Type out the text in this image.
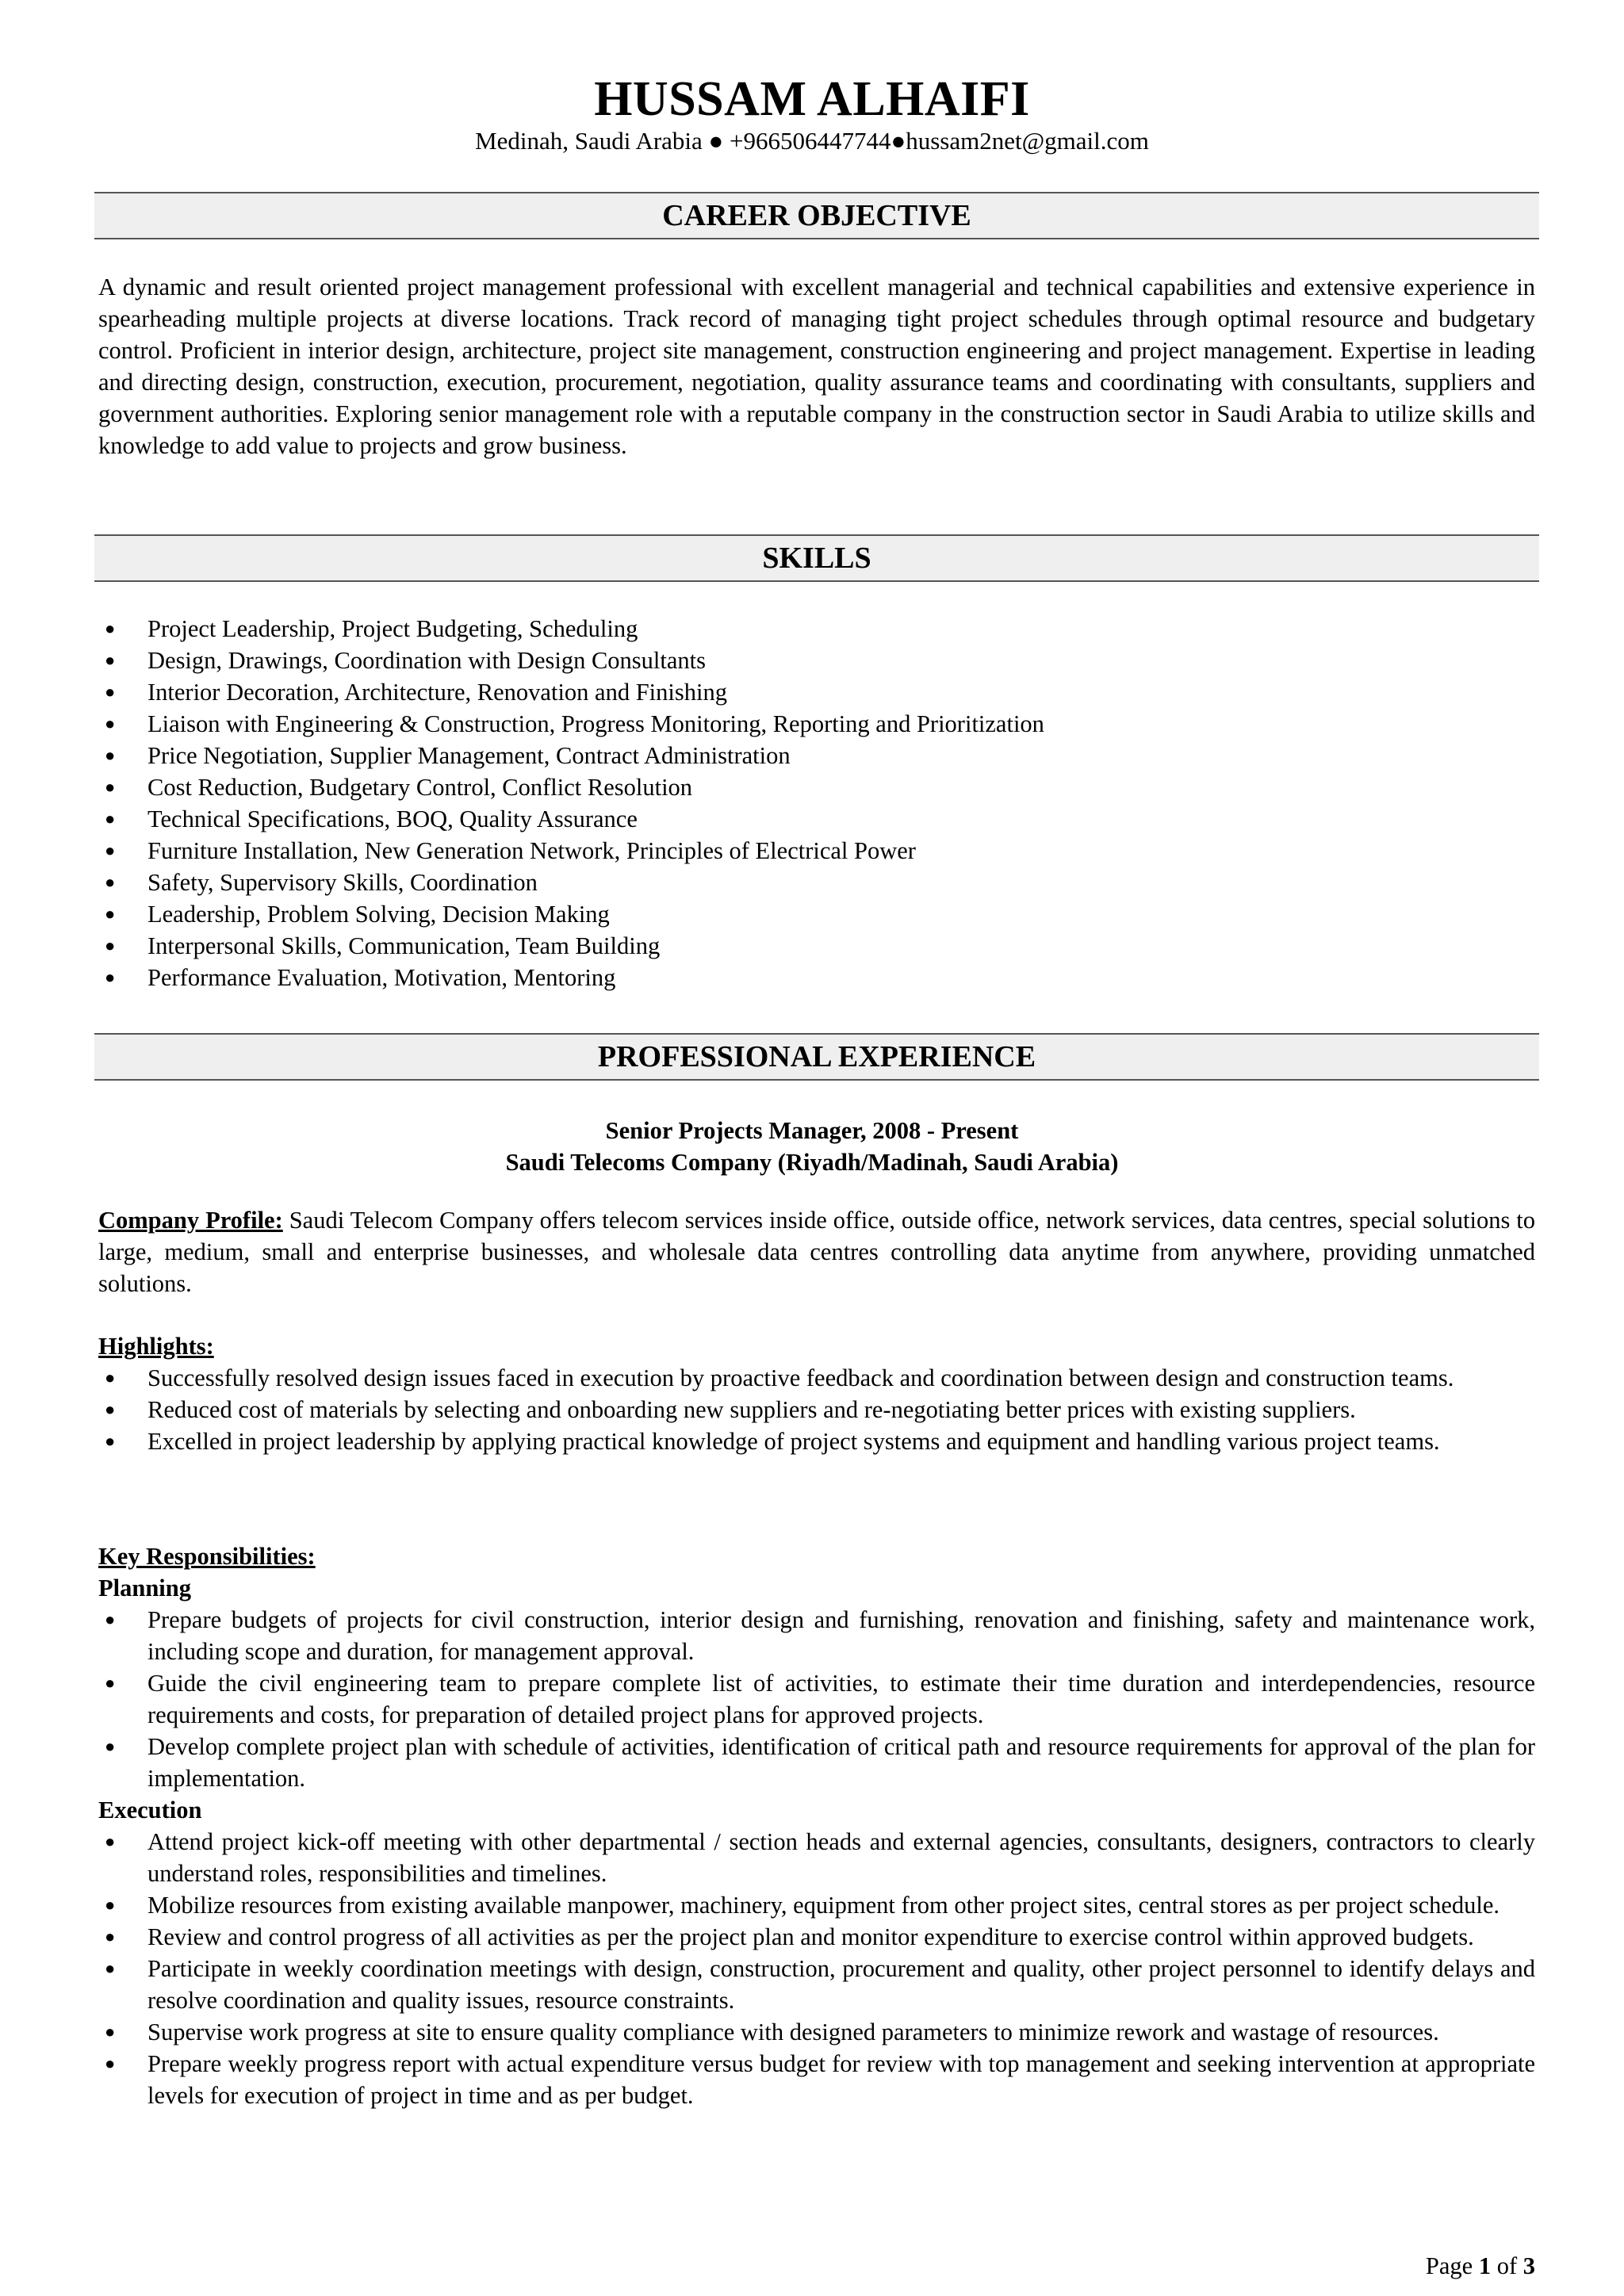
HUSSAM ALHAIFI
Medinah, Saudi Arabia ● +966506447744●hussam2net@gmail.com
CAREER OBJECTIVE
A dynamic and result oriented project management professional with excellent managerial and technical capabilities and extensive experience in spearheading multiple projects at diverse locations. Track record of managing tight project schedules through optimal resource and budgetary control. Proficient in interior design, architecture, project site management, construction engineering and project management. Expertise in leading and directing design, construction, execution, procurement, negotiation, quality assurance teams and coordinating with consultants, suppliers and government authorities. Exploring senior management role with a reputable company in the construction sector in Saudi Arabia to utilize skills and knowledge to add value to projects and grow business.
SKILLS
● Project Leadership, Project Budgeting, Scheduling
● Design, Drawings, Coordination with Design Consultants
● Interior Decoration, Architecture, Renovation and Finishing
● Liaison with Engineering & Construction, Progress Monitoring, Reporting and Prioritization
● Price Negotiation, Supplier Management, Contract Administration
● Cost Reduction, Budgetary Control, Conflict Resolution
● Technical Specifications, BOQ, Quality Assurance
● Furniture Installation, New Generation Network, Principles of Electrical Power
● Safety, Supervisory Skills, Coordination
● Leadership, Problem Solving, Decision Making
● Interpersonal Skills, Communication, Team Building
● Performance Evaluation, Motivation, Mentoring
PROFESSIONAL EXPERIENCE
Senior Projects Manager, 2008 - Present
Saudi Telecoms Company (Riyadh/Madinah, Saudi Arabia)
Company Profile: Saudi Telecom Company offers telecom services inside office, outside office, network services, data centres, special solutions to large, medium, small and enterprise businesses, and wholesale data centres controlling data anytime from anywhere, providing unmatched solutions.
Highlights:
● Successfully resolved design issues faced in execution by proactive feedback and coordination between design and construction teams.
● Reduced cost of materials by selecting and onboarding new suppliers and re-negotiating better prices with existing suppliers.
● Excelled in project leadership by applying practical knowledge of project systems and equipment and handling various project teams.
Key Responsibilities:
Planning
● Prepare budgets of projects for civil construction, interior design and furnishing, renovation and finishing, safety and maintenance work, including scope and duration, for management approval.
● Guide the civil engineering team to prepare complete list of activities, to estimate their time duration and interdependencies, resource requirements and costs, for preparation of detailed project plans for approved projects.
● Develop complete project plan with schedule of activities, identification of critical path and resource requirements for approval of the plan for implementation.
Execution
● Attend project kick-off meeting with other departmental / section heads and external agencies, consultants, designers, contractors to clearly understand roles, responsibilities and timelines.
● Mobilize resources from existing available manpower, machinery, equipment from other project sites, central stores as per project schedule.
● Review and control progress of all activities as per the project plan and monitor expenditure to exercise control within approved budgets.
● Participate in weekly coordination meetings with design, construction, procurement and quality, other project personnel to identify delays and resolve coordination and quality issues, resource constraints.
● Supervise work progress at site to ensure quality compliance with designed parameters to minimize rework and wastage of resources.
● Prepare weekly progress report with actual expenditure versus budget for review with top management and seeking intervention at appropriate levels for execution of project in time and as per budget.
Page 1 of 3
